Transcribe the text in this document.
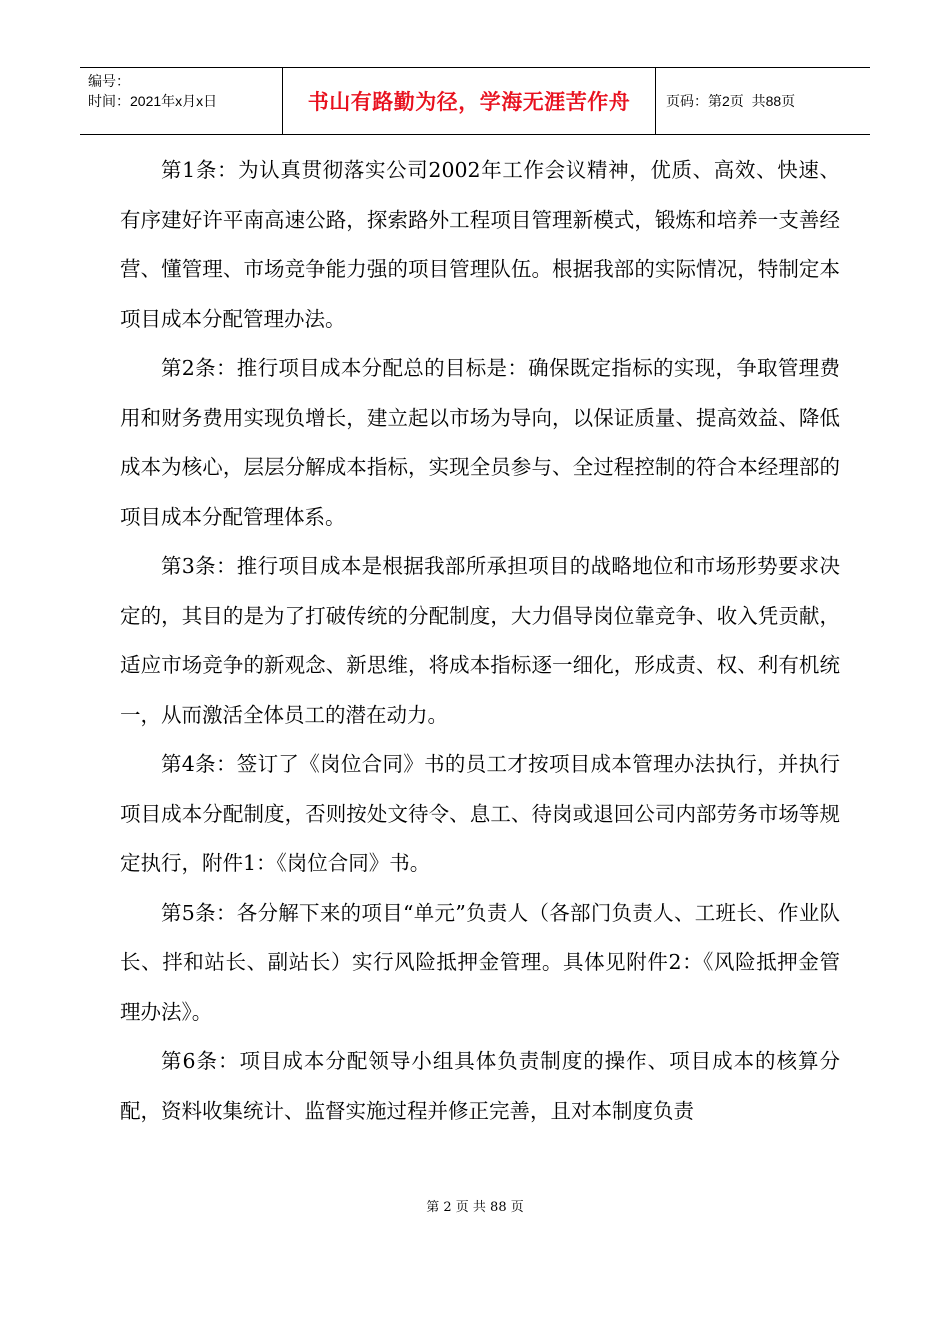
编号：
时间：2021年x月x日	书山有路勤为径，学海无涯苦作舟	页码：第 2 页  共 88 页

第1条：为认真贯彻落实公司2002年工作会议精神，优质、高效、快速、有序建好许平南高速公路，探索路外工程项目管理新模式，锻炼和培养一支善经营、懂管理、市场竞争能力强的项目管理队伍。根据我部的实际情况，特制定本项目成本分配管理办法。

第2条：推行项目成本分配总的目标是：确保既定指标的实现，争取管理费用和财务费用实现负增长，建立起以市场为导向，以保证质量、提高效益、降低成本为核心，层层分解成本指标，实现全员参与、全过程控制的符合本经理部的项目成本分配管理体系。

第3条：推行项目成本是根据我部所承担项目的战略地位和市场形势要求决定的，其目的是为了打破传统的分配制度，大力倡导岗位靠竞争、收入凭贡献，适应市场竞争的新观念、新思维，将成本指标逐一细化，形成责、权、利有机统一，从而激活全体员工的潜在动力。

第4条：签订了《岗位合同》书的员工才按项目成本管理办法执行，并执行项目成本分配制度，否则按处文待令、息工、待岗或退回公司内部劳务市场等规定执行，附件1：《岗位合同》书。

第5条：各分解下来的项目“单元”负责人（各部门负责人、工班长、作业队长、拌和站长、副站长）实行风险抵押金管理。具体见附件2：《风险抵押金管理办法》。

第6条：项目成本分配领导小组具体负责制度的操作、项目成本的核算分配，资料收集统计、监督实施过程并修正完善，且对本制度负责

第 2 页 共 88 页
